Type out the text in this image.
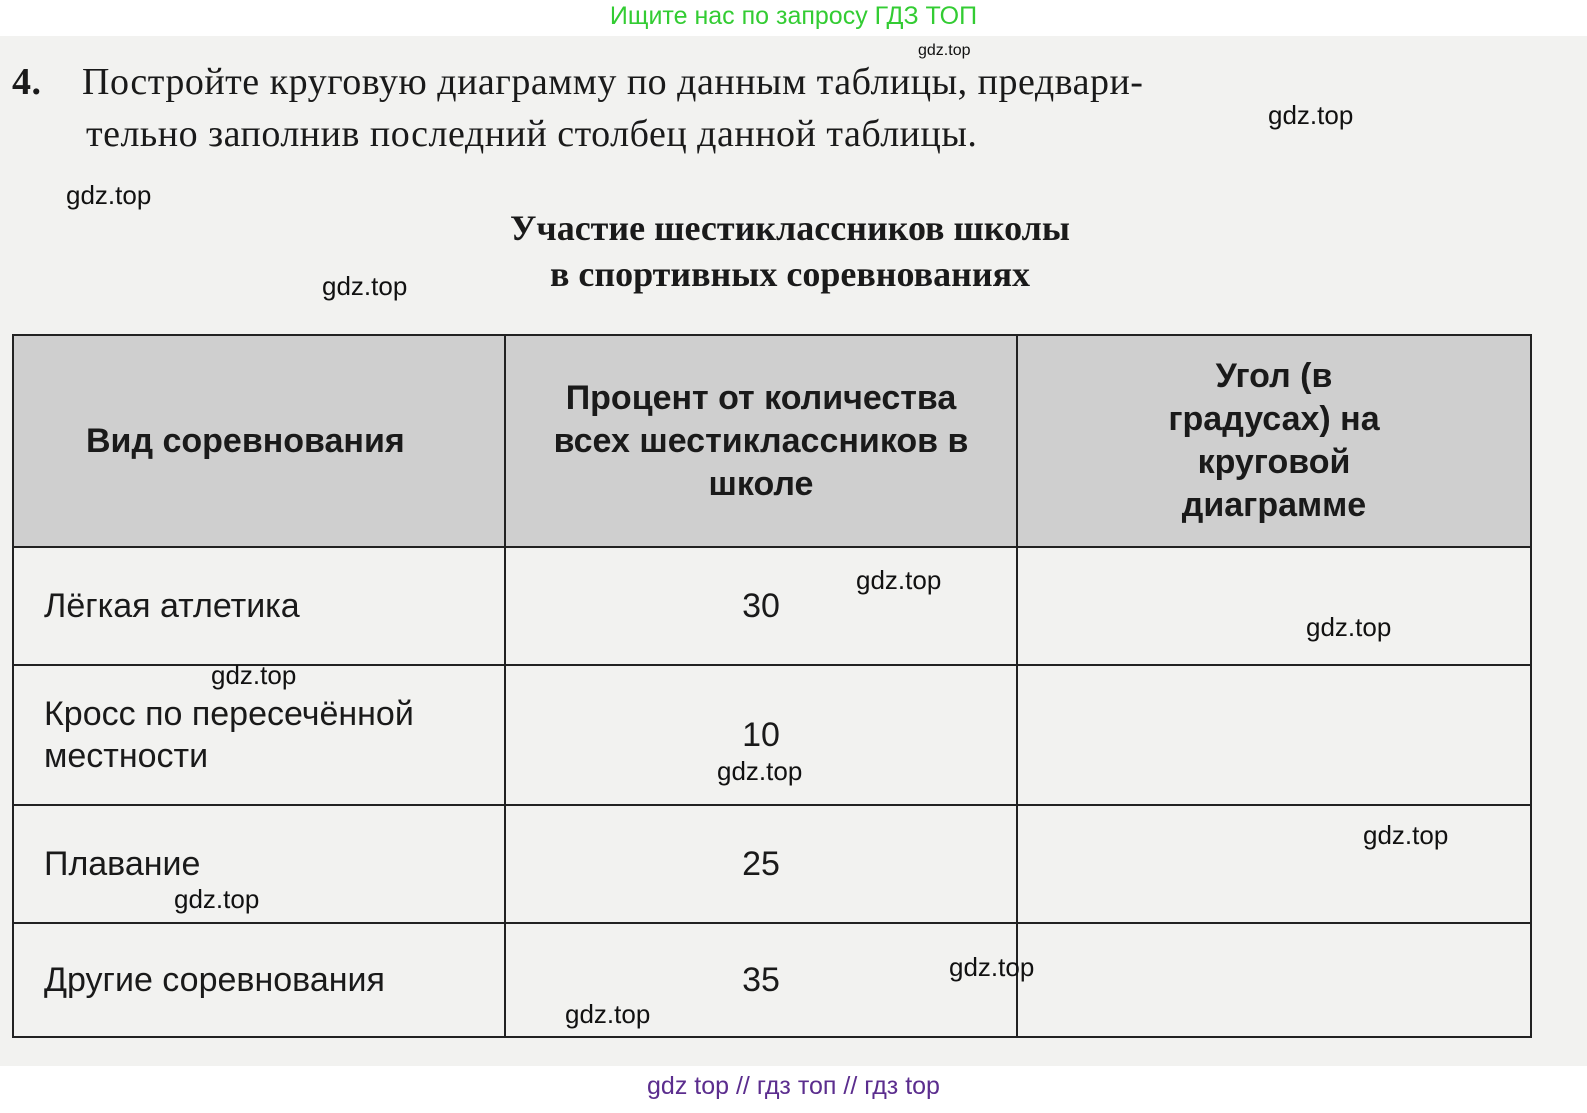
Ищите нас по запросу ГДЗ ТОП
4. Постройте круговую диаграмму по данным таблицы, предвари-
тельно заполнив последний столбец данной таблицы.
Участие шестиклассников школы
в спортивных соревнованиях
Вид соревнования	Процент от количества всех шестиклассников в школе	Угол (в градусах) на круговой диаграмме
Лёгкая атлетика	30	
Кросс по пересечённой местности	10	
Плавание	25	
Другие соревнования	35	
gdz.top
gdz.top
gdz.top
gdz.top
gdz.top
gdz.top
gdz.top
gdz.top
gdz.top
gdz.top
gdz.top
gdz.top
gdz top // гдз топ // гдз top
